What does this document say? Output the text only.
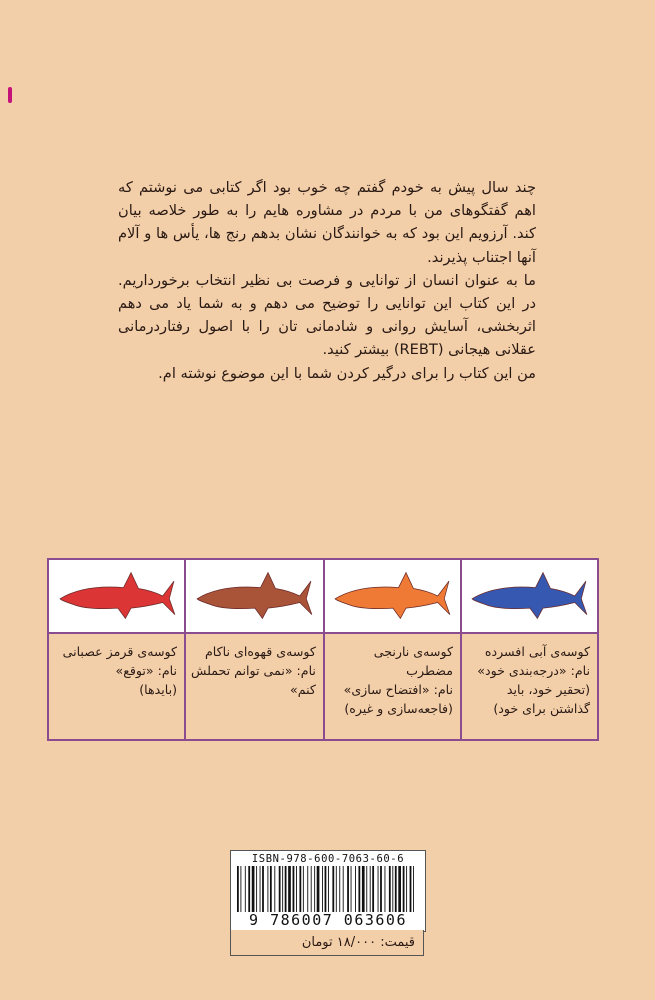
چند سال پیش به خودم گفتم چه خوب بود اگر کتابی می نوشتم که اهم گفتگوهای من با مردم در مشاوره هایم را به طور خلاصه بیان کند. آرزویم این بود که به خوانندگان نشان بدهم رنج ها، یأس ها و آلام آنها اجتناب پذیرند.

ما به عنوان انسان از توانایی و فرصت بی نظیر انتخاب برخورداریم. در این کتاب این توانایی را توضیح می دهم و به شما یاد می دهم اثربخشی، آسایش روانی و شادمانی تان را با اصول رفتاردرمانی عقلانی هیجانی (REBT) بیشتر کنید.

من این کتاب را برای درگیر کردن شما با این موضوع نوشته ام.

کوسه‌ی آبی افسرده
نام: «درجه‌بندی خود»
(تحقیر خود، باید
گذاشتن برای خود)
کوسه‌ی نارنجی
مضطرب
نام: «افتضاح سازی»
(فاجعه‌سازی و غیره)
کوسه‌ی قهوه‌ای ناکام
نام: «نمی توانم تحملش
کنم»
کوسه‌ی قرمز عصبانی
نام: «توقع»
(بایدها)
ISBN-978-600-7063-60-6
9 786007 063606
قیمت: ۱۸/۰۰۰ تومان
